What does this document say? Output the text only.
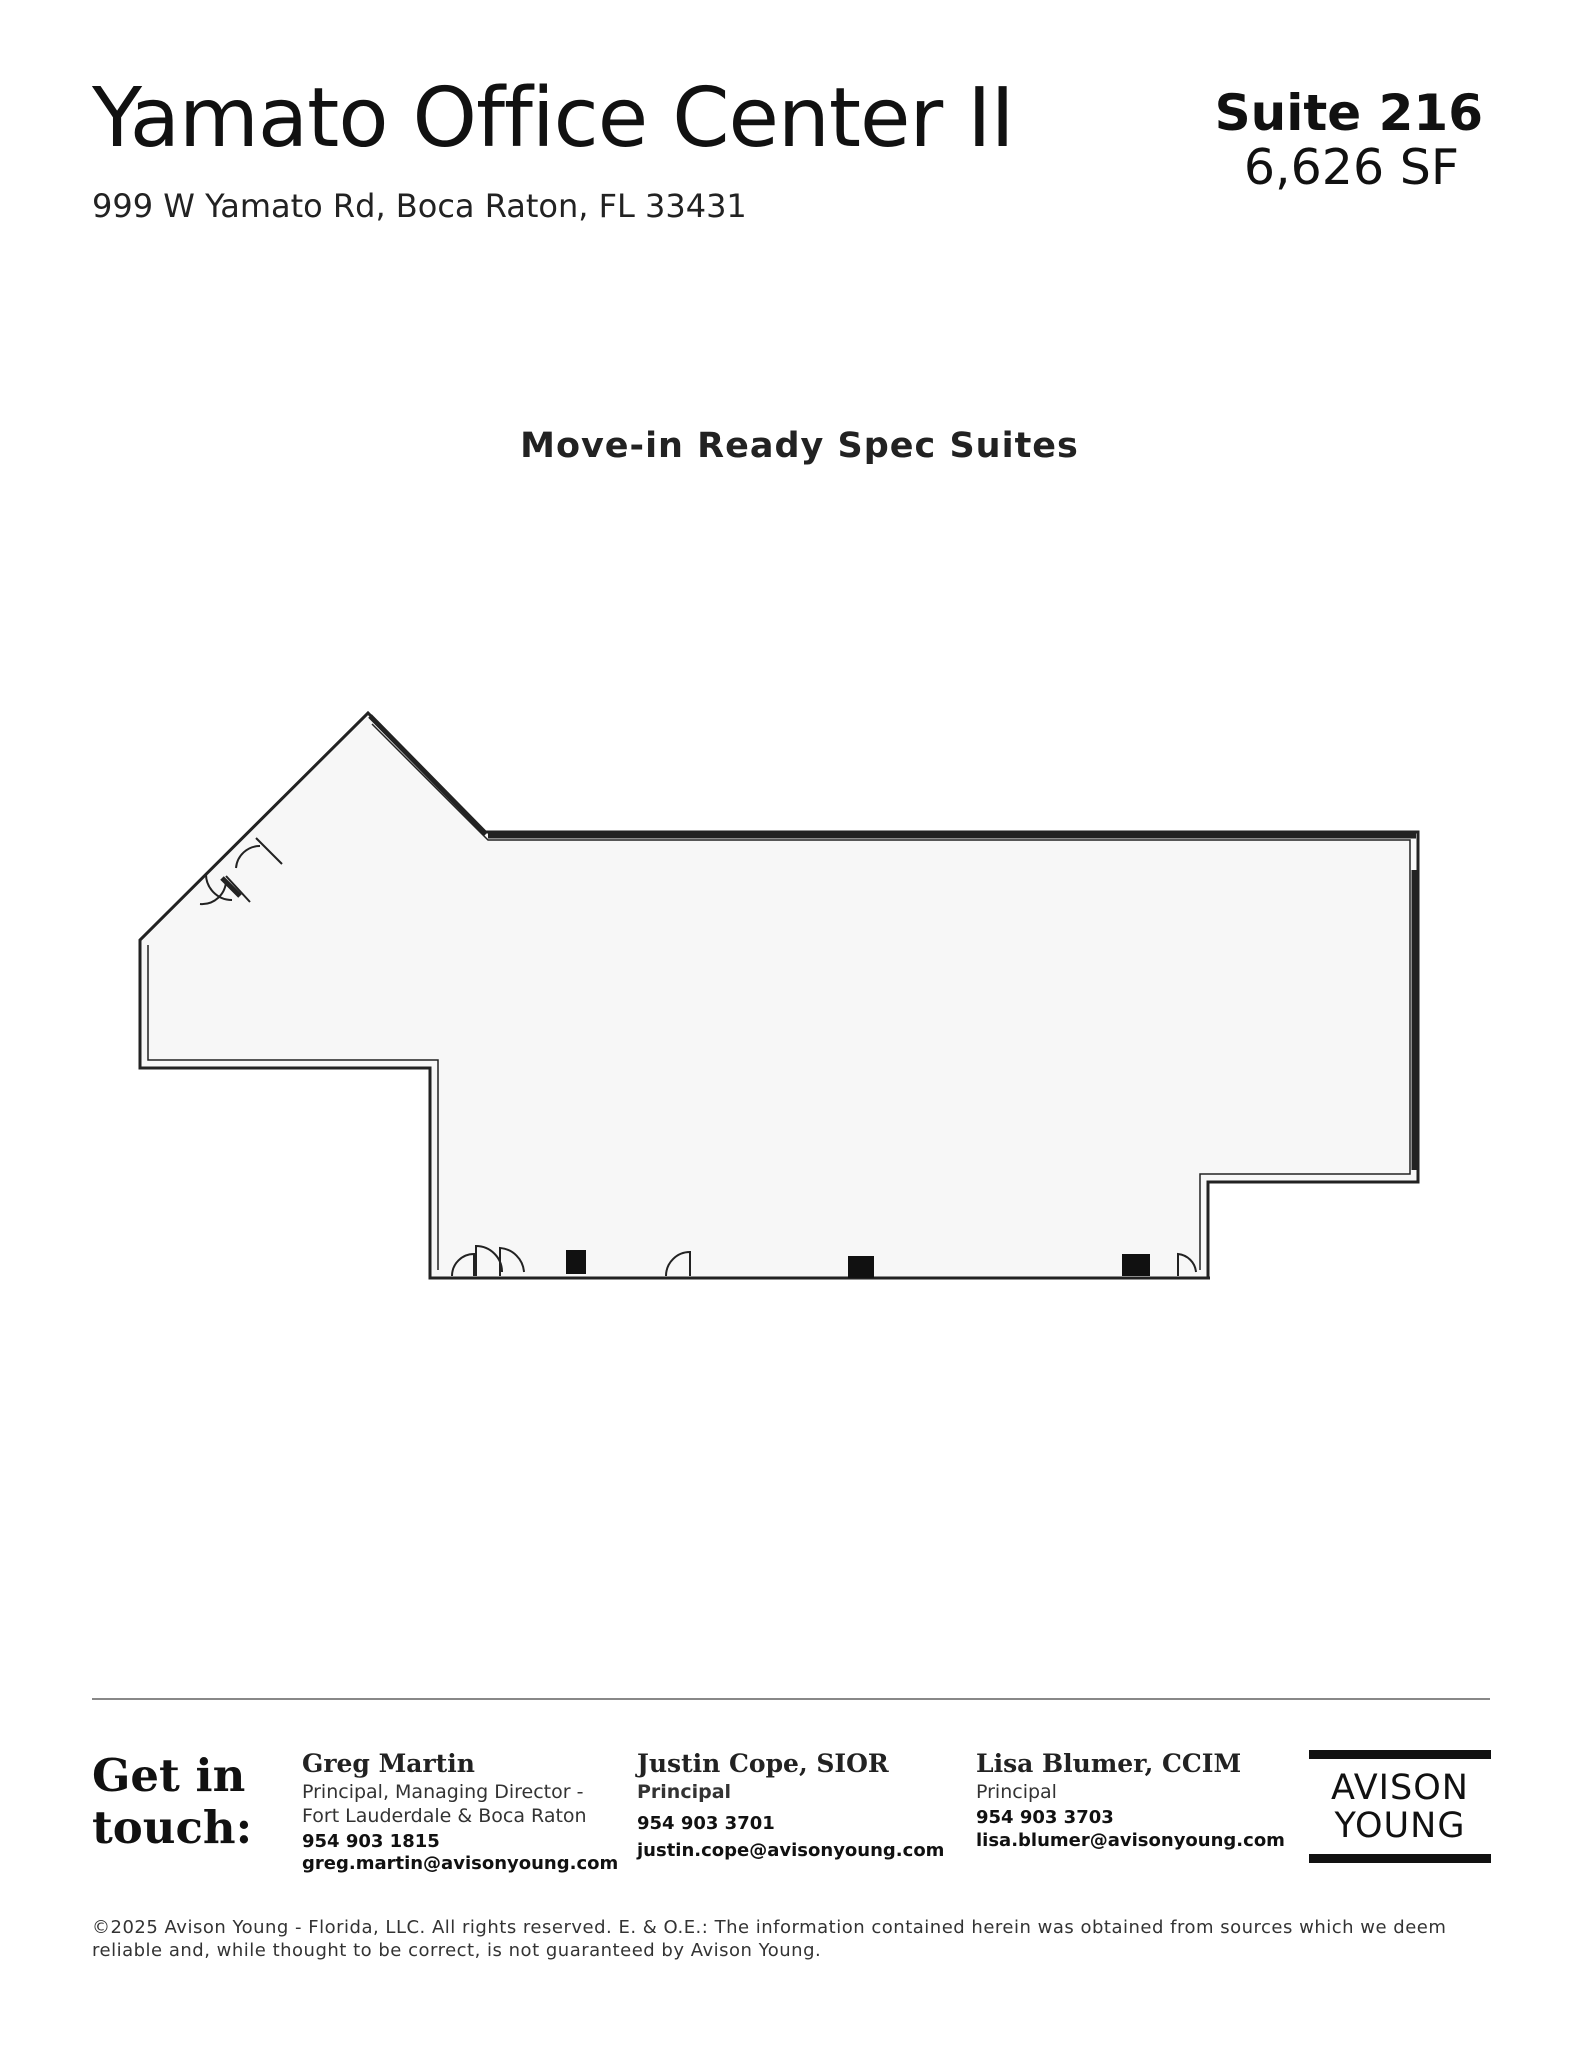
Yamato Office Center II
999 W Yamato Rd, Boca Raton, FL 33431
Suite 216
6,626 SF
Move-in Ready Spec Suites
Get in
touch:
Greg Martin
Principal, Managing Director -
Fort Lauderdale & Boca Raton
954 903 1815
greg.martin@avisonyoung.com
Justin Cope, SIOR
Principal
954 903 3701
justin.cope@avisonyoung.com
Lisa Blumer, CCIM
Principal
954 903 3703
lisa.blumer@avisonyoung.com
AVISON
YOUNG
©2025 Avison Young - Florida, LLC. All rights reserved. E. & O.E.: The information contained herein was obtained from sources which we deem reliable and, while thought to be correct, is not guaranteed by Avison Young.
